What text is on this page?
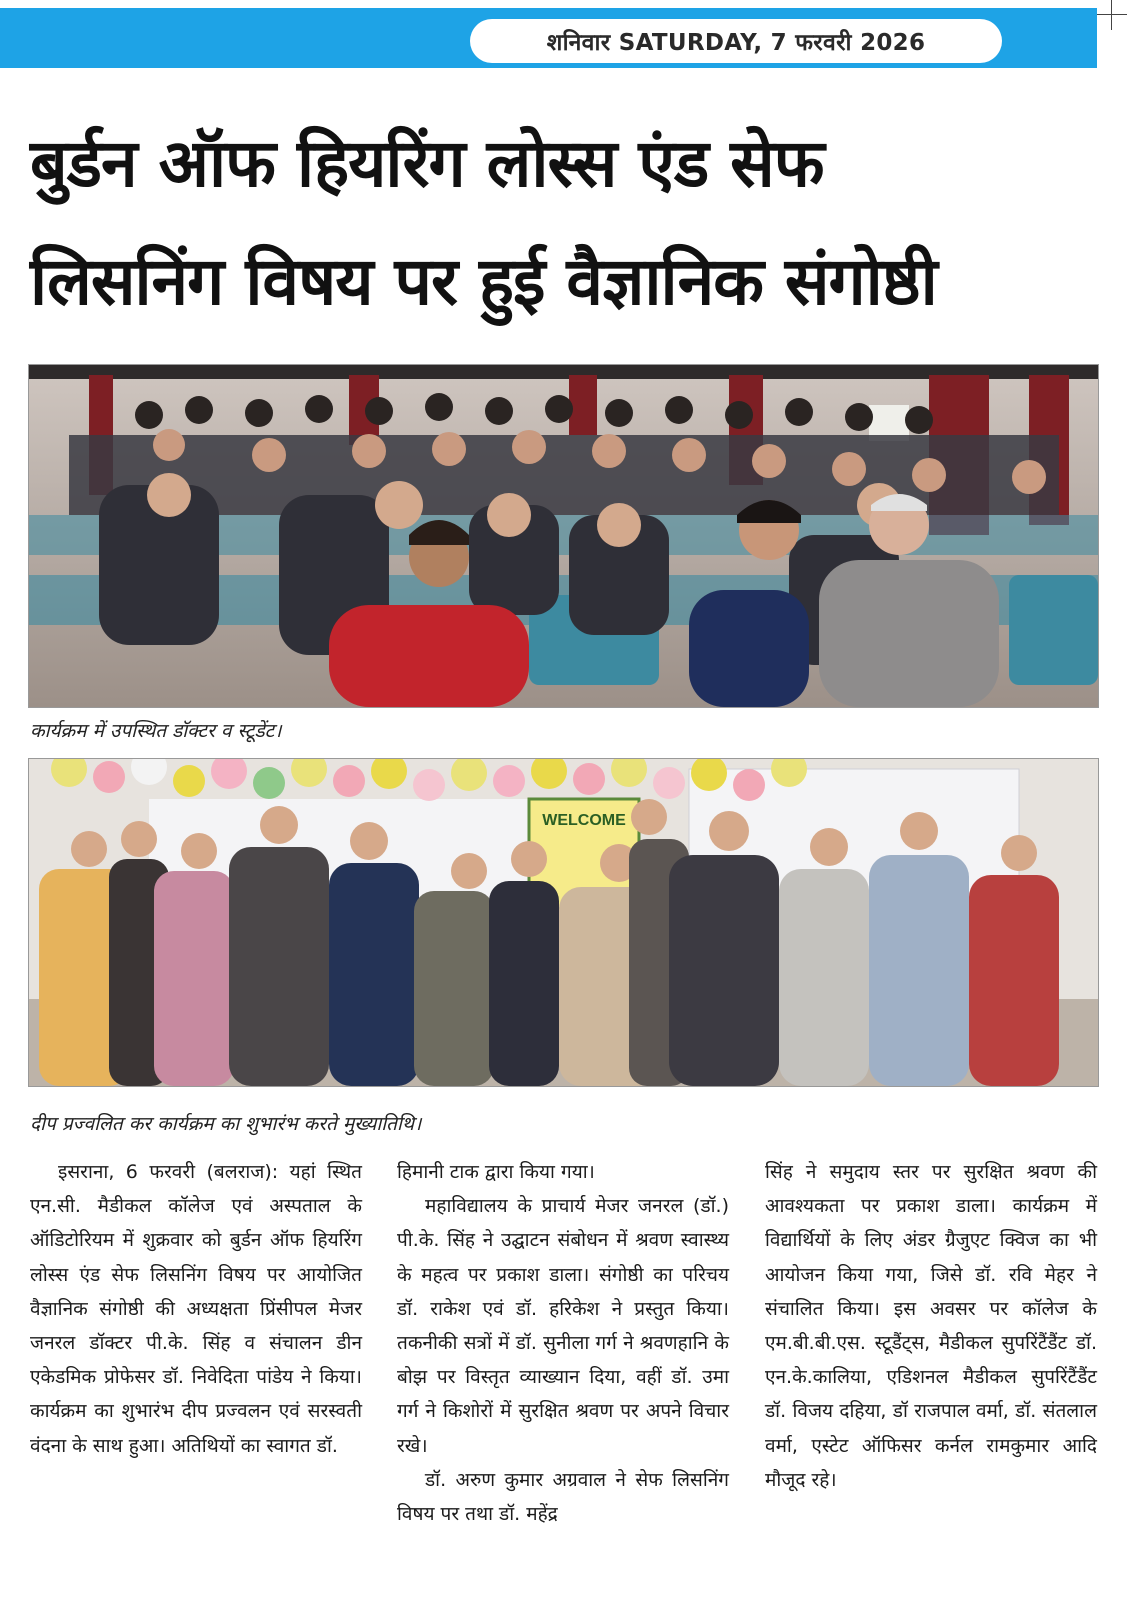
शनिवार SATURDAY, 7 फरवरी 2026
बुर्डन ऑफ हियरिंग लोस्स एंड सेफ
लिसनिंग विषय पर हुई वैज्ञानिक संगोष्ठी

कार्यक्रम में उपस्थित डॉक्टर व स्टूडेंट।

WELCOME

दीप प्रज्वलित कर कार्यक्रम का शुभारंभ करते मुख्यातिथि।

इसराना, 6 फरवरी (बलराज): यहां स्थित एन.सी. मैडीकल कॉलेज एवं अस्पताल के ऑडिटोरियम में शुक्रवार को बुर्डन ऑफ हियरिंग लोस्स एंड सेफ लिसनिंग विषय पर आयोजित वैज्ञानिक संगोष्ठी की अध्यक्षता प्रिंसीपल मेजर जनरल डॉक्टर पी.के. सिंह व संचालन डीन एकेडमिक प्रोफेसर डॉ. निवेदिता पांडेय ने किया। कार्यक्रम का शुभारंभ दीप प्रज्वलन एवं सरस्वती वंदना के साथ हुआ। अतिथियों का स्वागत डॉ.

हिमानी टाक द्वारा किया गया।

महाविद्यालय के प्राचार्य मेजर जनरल (डॉ.) पी.के. सिंह ने उद्घाटन संबोधन में श्रवण स्वास्थ्य के महत्व पर प्रकाश डाला। संगोष्ठी का परिचय डॉ. राकेश एवं डॉ. हरिकेश ने प्रस्तुत किया। तकनीकी सत्रों में डॉ. सुनीला गर्ग ने श्रवणहानि के बोझ पर विस्तृत व्याख्यान दिया, वहीं डॉ. उमा गर्ग ने किशोरों में सुरक्षित श्रवण पर अपने विचार रखे।

डॉ. अरुण कुमार अग्रवाल ने सेफ लिसनिंग विषय पर तथा डॉ. महेंद्र

सिंह ने समुदाय स्तर पर सुरक्षित श्रवण की आवश्यकता पर प्रकाश डाला। कार्यक्रम में विद्यार्थियों के लिए अंडर ग्रैजुएट क्विज का भी आयोजन किया गया, जिसे डॉ. रवि मेहर ने संचालित किया। इस अवसर पर कॉलेज के एम.बी.बी.एस. स्टूडैंट्स, मैडीकल सुपरिंटैंडैंट डॉ. एन.के.कालिया, एडिशनल मैडीकल सुपरिंटैंडैंट डॉ. विजय दहिया, डॉ राजपाल वर्मा, डॉ. संतलाल वर्मा, एस्टेट ऑफिसर कर्नल रामकुमार आदि मौजूद रहे।
